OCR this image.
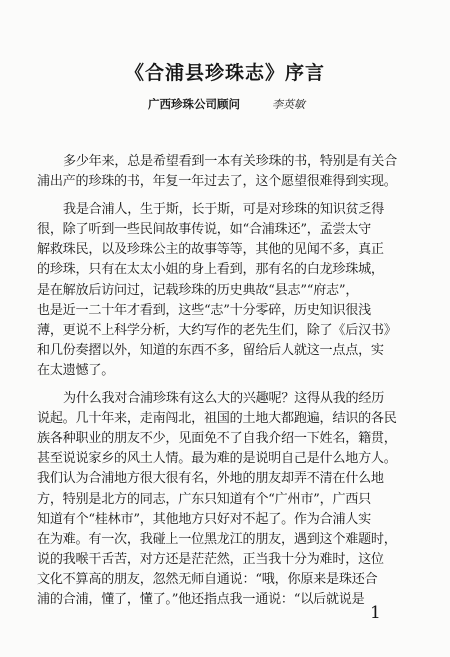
《合浦县珍珠志》序言
广西珍珠公司顾问	李英敏
多少年来，总是希望看到一本有关珍珠的书，特别是有关合
浦出产的珍珠的书，年复一年过去了，这个愿望很难得到实现。
我是合浦人，生于斯，长于斯，可是对珍珠的知识贫乏得
很，除了听到一些民间故事传说，如“合浦珠还”，孟尝太守
解救珠民，以及珍珠公主的故事等等，其他的见闻不多，真正
的珍珠，只有在太太小姐的身上看到，那有名的白龙珍珠城，
是在解放后访问过，记载珍珠的历史典故“县志”“府志”，
也是近一二十年才看到，这些“志”十分零碎，历史知识很浅
薄，更说不上科学分析，大约写作的老先生们，除了《后汉书》
和几份奏摺以外，知道的东西不多，留给后人就这一点点，实
在太遗憾了。
为什么我对合浦珍珠有这么大的兴趣呢？这得从我的经历
说起。几十年来，走南闯北，祖国的土地大都跑遍，结识的各民
族各种职业的朋友不少，见面免不了自我介绍一下姓名，籍贯，
甚至说说家乡的风土人情。最为难的是说明自己是什么地方人。
我们认为合浦地方很大很有名，外地的朋友却弄不清在什么地
方，特别是北方的同志，广东只知道有个“广州市”，广西只
知道有个“桂林市”，其他地方只好对不起了。作为合浦人实
在为难。有一次，我碰上一位黑龙江的朋友，遇到这个难题时，
说的我喉干舌苦，对方还是茫茫然，正当我十分为难时，这位
文化不算高的朋友，忽然无师自通说：“哦，你原来是珠还合
浦的合浦，懂了，懂了。”他还指点我一通说：“以后就说是
1
